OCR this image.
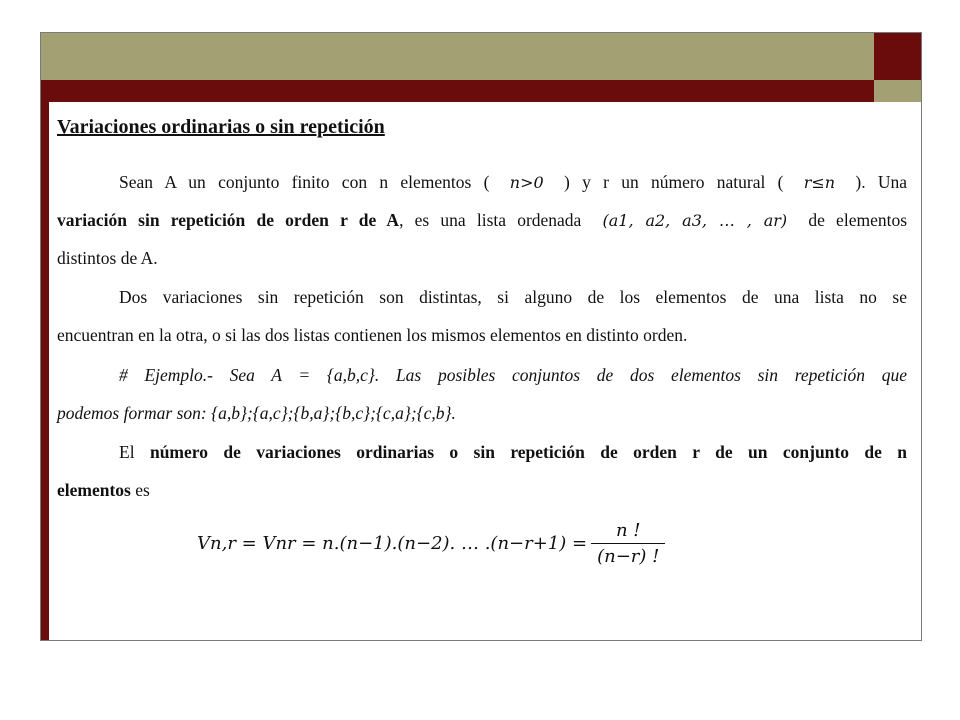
Variaciones ordinarias o sin repetición
Sean A un conjunto finito con n elementos ( n>0 ) y r un número natural ( r≤n ). Una
variación sin repetición de orden r de A, es una lista ordenada (a1, a2, a3, … , ar) de elementos
distintos de A.
Dos variaciones sin repetición son distintas, si alguno de los elementos de una lista no se
encuentran en la otra, o si las dos listas contienen los mismos elementos en distinto orden.
# Ejemplo.- Sea A = {a,b,c}. Las posibles conjuntos de dos elementos sin repetición que
podemos formar son: {a,b};{a,c};{b,a};{b,c};{c,a};{c,b}.
El número de variaciones ordinarias o sin repetición de orden r de un conjunto de n
elementos es
Vn,r = Vnr = n.(n−1).(n−2). … $.(n-r+1) = \frac{n !}{(n-r) !}$
